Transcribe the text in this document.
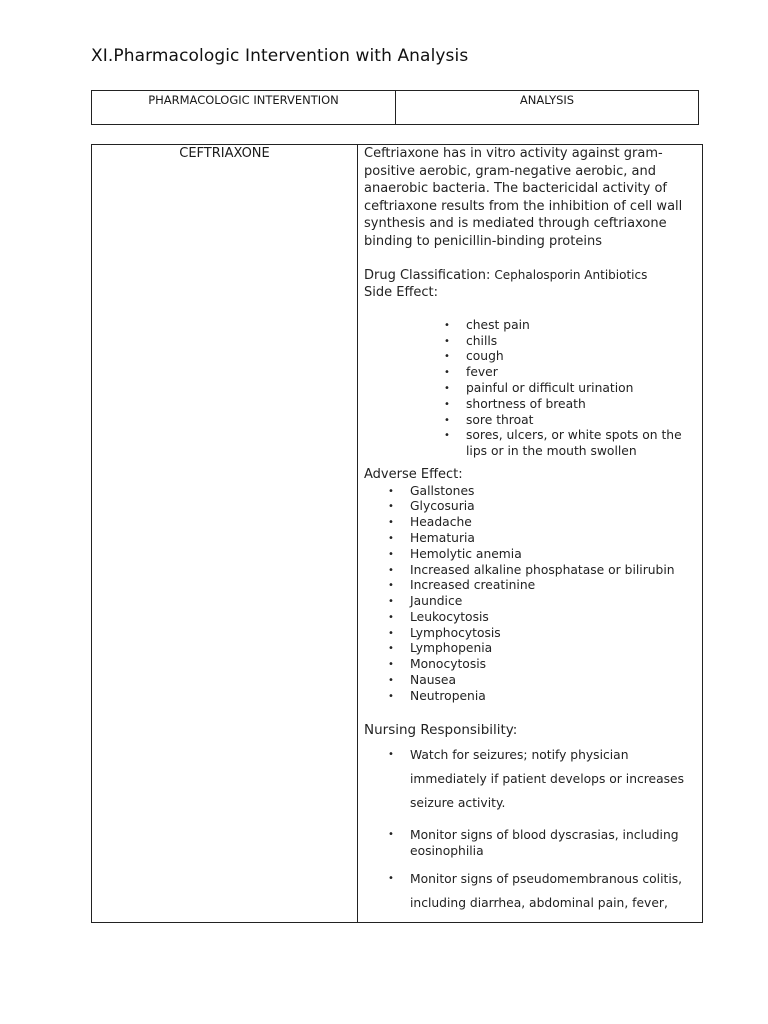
XI.Pharmacologic Intervention with Analysis
PHARMACOLOGIC INTERVENTION	ANALYSIS
CEFTRIAXONE	Ceftriaxone has in vitro activity against gram-positive aerobic, gram-negative aerobic, and anaerobic bacteria. The bactericidal activity of ceftriaxone results from the inhibition of cell wall synthesis and is mediated through ceftriaxone binding to penicillin-binding proteins

Drug Classification: Cephalosporin Antibiotics
Side Effect:
• chest pain
• chills
• cough
• fever
• painful or difficult urination
• shortness of breath
• sore throat
• sores, ulcers, or white spots on the lips or in the mouth swollen
Adverse Effect:
• Gallstones
• Glycosuria
• Headache
• Hematuria
• Hemolytic anemia
• Increased alkaline phosphatase or bilirubin
• Increased creatinine
• Jaundice
• Leukocytosis
• Lymphocytosis
• Lymphopenia
• Monocytosis
• Nausea
• Neutropenia
Nursing Responsibility:
• Watch for seizures; notify physician immediately if patient develops or increases seizure activity.
• Monitor signs of blood dyscrasias, including eosinophilia
• Monitor signs of pseudomembranous colitis, including diarrhea, abdominal pain, fever,
